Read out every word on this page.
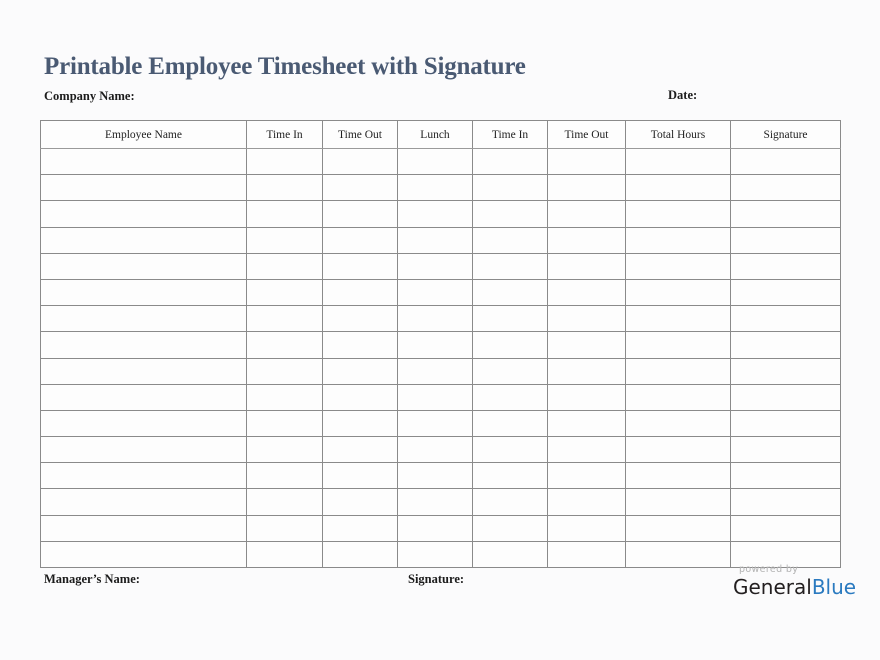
Printable Employee Timesheet with Signature
Company Name:	Date:
Employee Name	Time In	Time Out	Lunch	Time In	Time Out	Total Hours	Signature

Manager’s Name:	Signature:
powered by
GeneralBlue
